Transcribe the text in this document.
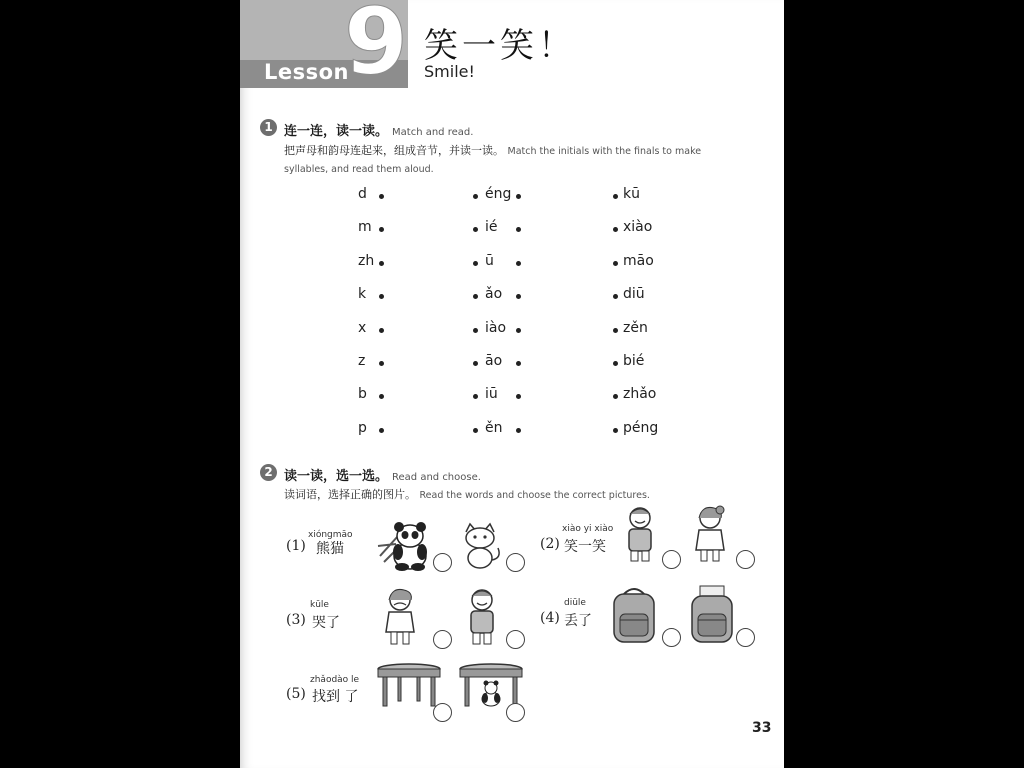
Lesson
9 笑一笑！
Smile!
1 连一连，读一读。 Match and read.
把声母和韵母连起来，组成音节，并读一读。 Match the initials with the finals to make
syllables, and read them aloud.
d	éng	kū
m	ié	xiào
zh	ū	māo
k	ǎo	diū
x	iào	zěn
z	āo	bié
b	iū	zhǎo
p	ěn	péng
2 读一读，选一选。 Read and choose.
读词语，选择正确的图片。 Read the words and choose the correct pictures.
xióngmāo
(1) 熊猫
xiào yi xiào
(2) 笑一笑
kūle
(3) 哭了
diūle
(4) 丢了
zhǎodào le
(5) 找到 了
33
